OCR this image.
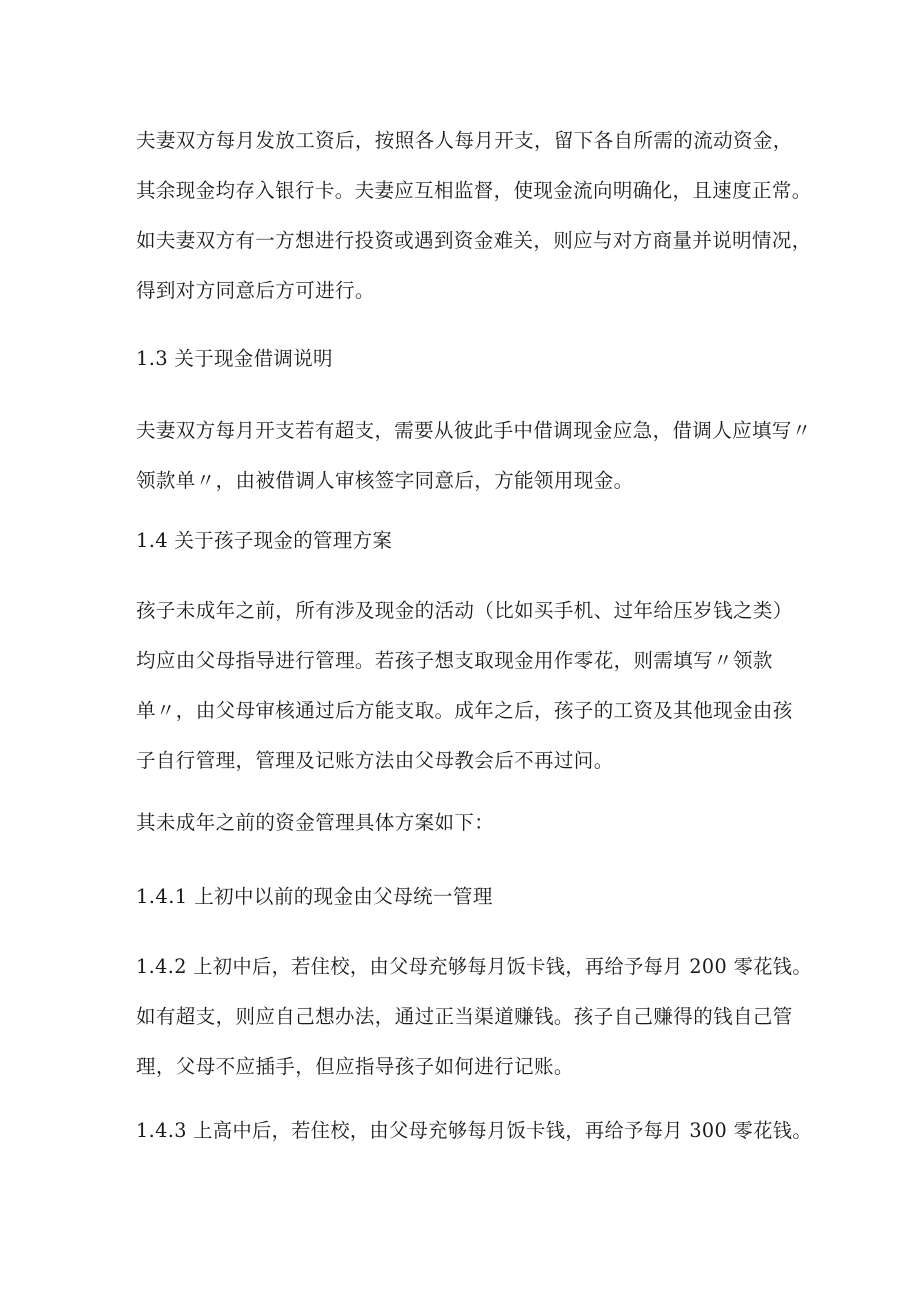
夫妻双方每月发放工资后，按照各人每月开支，留下各自所需的流动资金，
其余现金均存入银行卡。夫妻应互相监督，使现金流向明确化，且速度正常。
如夫妻双方有一方想进行投资或遇到资金难关，则应与对方商量并说明情况，
得到对方同意后方可进行。

1.3 关于现金借调说明

夫妻双方每月开支若有超支，需要从彼此手中借调现金应急，借调人应填写〃
领款单〃，由被借调人审核签字同意后，方能领用现金。

1.4 关于孩子现金的管理方案

孩子未成年之前，所有涉及现金的活动（比如买手机、过年给压岁钱之类）
均应由父母指导进行管理。若孩子想支取现金用作零花，则需填写〃领款
单〃，由父母审核通过后方能支取。成年之后，孩子的工资及其他现金由孩
子自行管理，管理及记账方法由父母教会后不再过问。

其未成年之前的资金管理具体方案如下：

1.4.1 上初中以前的现金由父母统一管理

1.4.2 上初中后，若住校，由父母充够每月饭卡钱，再给予每月 200 零花钱。
如有超支，则应自己想办法，通过正当渠道赚钱。孩子自己赚得的钱自己管
理，父母不应插手，但应指导孩子如何进行记账。

1.4.3 上高中后，若住校，由父母充够每月饭卡钱，再给予每月 300 零花钱。
